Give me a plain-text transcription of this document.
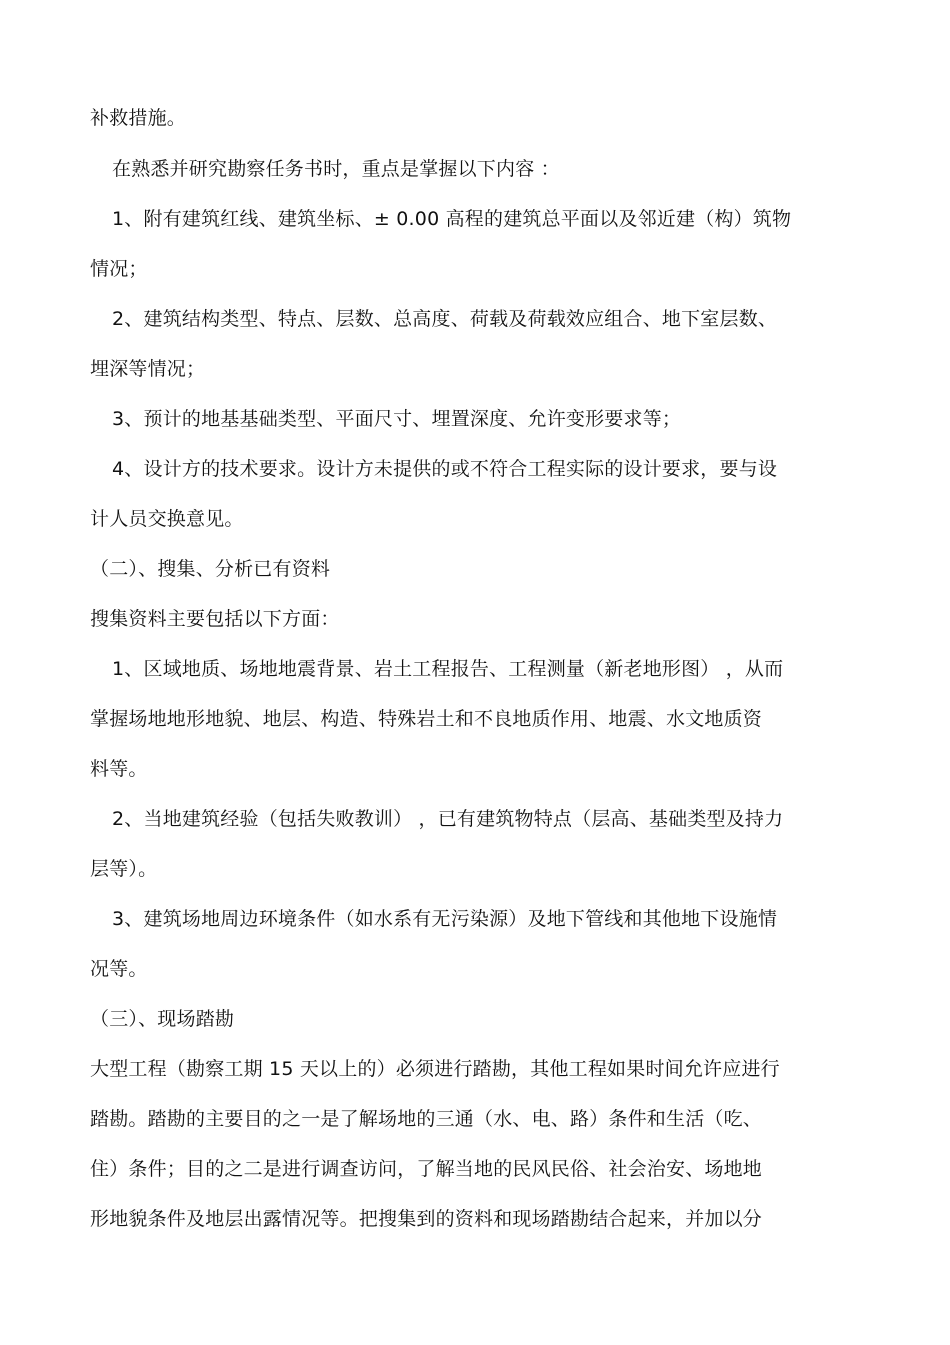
补救措施。
在熟悉并研究勘察任务书时，重点是掌握以下内容 ：
1、附有建筑红线、建筑坐标、± 0.00 高程的建筑总平面以及邻近建（构）筑物
情况；
2、建筑结构类型、特点、层数、总高度、荷载及荷载效应组合、地下室层数、
埋深等情况；
3、预计的地基基础类型、平面尺寸、埋置深度、允许变形要求等；
4、设计方的技术要求。设计方未提供的或不符合工程实际的设计要求，要与设
计人员交换意见。
（二）、搜集、分析已有资料
搜集资料主要包括以下方面：
1、区域地质、场地地震背景、岩土工程报告、工程测量（新老地形图） ，从而
掌握场地地形地貌、地层、构造、特殊岩土和不良地质作用、地震、水文地质资
料等。
2、当地建筑经验（包括失败教训） ，已有建筑物特点（层高、基础类型及持力
层等）。
3、建筑场地周边环境条件（如水系有无污染源）及地下管线和其他地下设施情
况等。
（三）、现场踏勘
大型工程（勘察工期 15 天以上的）必须进行踏勘，其他工程如果时间允许应进行
踏勘。踏勘的主要目的之一是了解场地的三通（水、电、路）条件和生活（吃、
住）条件；目的之二是进行调查访问，了解当地的民风民俗、社会治安、场地地
形地貌条件及地层出露情况等。把搜集到的资料和现场踏勘结合起来，并加以分
